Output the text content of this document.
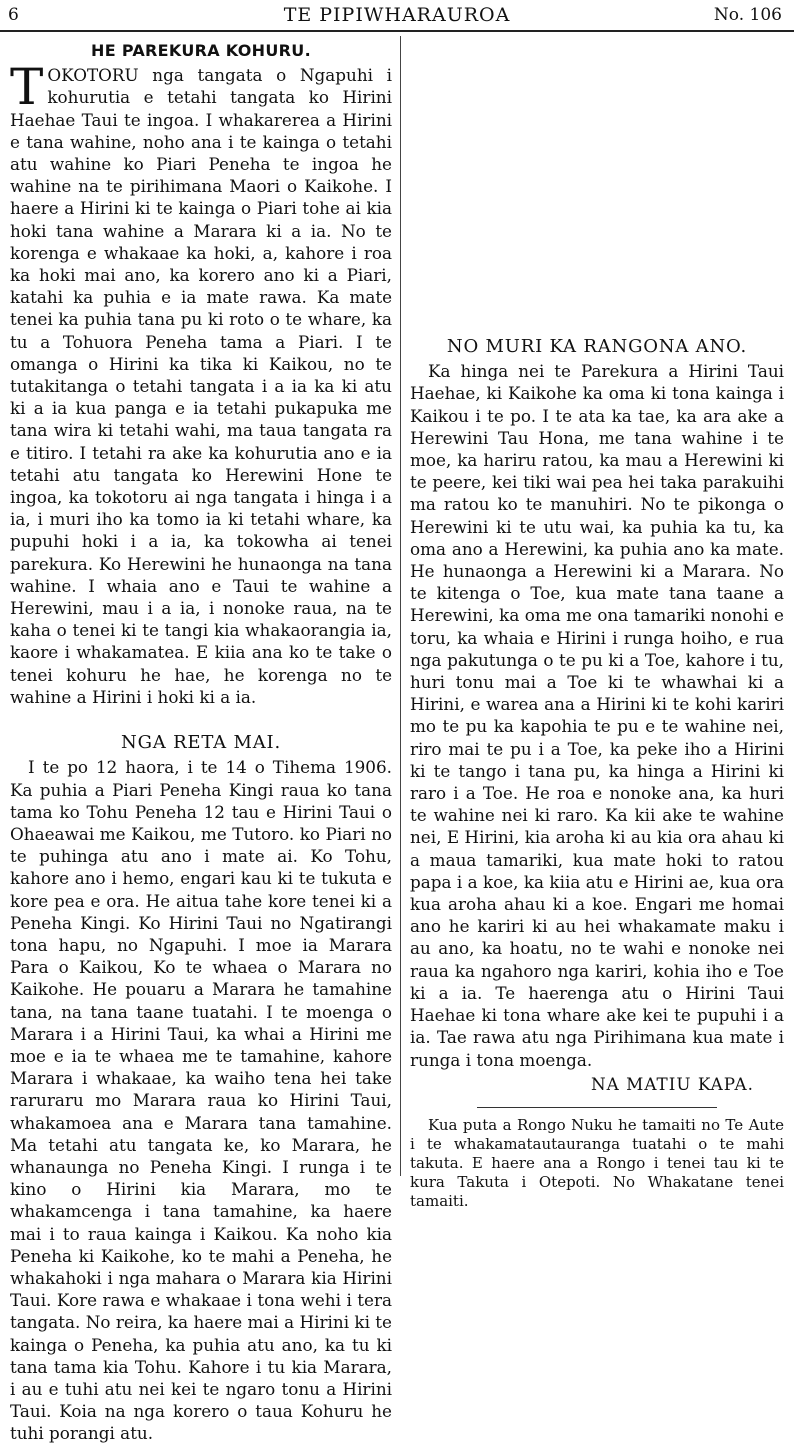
6	TE PIPIWHARAUROA	No. 106
HE PAREKURA KOHURU.

TOKOTORU nga tangata o Ngapuhi i kohurutia e tetahi tangata ko Hirini Haehae Taui te ingoa. I whakarerea a Hirini e tana wahine, noho ana i te kainga o tetahi atu wahine ko Piari Peneha te ingoa he wahine na te pirihimana Maori o Kaikohe. I haere a Hirini ki te kainga o Piari tohe ai kia hoki tana wahine a Marara ki a ia. No te korenga e whakaae ka hoki, a, kahore i roa ka hoki mai ano, ka korero ano ki a Piari, katahi ka puhia e ia mate rawa. Ka mate tenei ka puhia tana pu ki roto o te whare, ka tu a Tohuora Peneha tama a Piari. I te omanga o Hirini ka tika ki Kaikou, no te tutakitanga o tetahi tangata i a ia ka ki atu ki a ia kua panga e ia tetahi pukapuka me tana wira ki tetahi wahi, ma taua tangata ra e titiro. I tetahi ra ake ka kohurutia ano e ia tetahi atu tangata ko Herewini Hone te ingoa, ka tokotoru ai nga tangata i hinga i a ia, i muri iho ka tomo ia ki tetahi whare, ka pupuhi hoki i a ia, ka tokowha ai tenei parekura. Ko Herewini he hunaonga na tana wahine. I whaia ano e Taui te wahine a Herewini, mau i a ia, i nonoke raua, na te kaha o tenei ki te tangi kia whakaorangia ia, kaore i whakamatea. E kiia ana ko te take o tenei kohuru he hae, he korenga no te wahine a Hirini i hoki ki a ia.

NGA RETA MAI.

I te po 12 haora, i te 14 o Tihema 1906. Ka puhia a Piari Peneha Kingi raua ko tana tama ko Tohu Peneha 12 tau e Hirini Taui o Ohaeawai me Kaikou, me Tutoro. ko Piari no te puhinga atu ano i mate ai. Ko Tohu, kahore ano i hemo, engari kau ki te tukuta e kore pea e ora. He aitua tahe kore tenei ki a Peneha Kingi. Ko Hirini Taui no Ngatirangi tona hapu, no Ngapuhi. I moe ia Marara Para o Kaikou, Ko te whaea o Marara no Kaikohe. He pouaru a Marara he tamahine tana, na tana taane tuatahi. I te moenga o Marara i a Hirini Taui, ka whai a Hirini me moe e ia te whaea me te tamahine, kahore Marara i whakaae, ka waiho tena hei take raruraru mo Marara raua ko Hirini Taui, whakamoea ana e Marara tana tamahine. Ma tetahi atu tangata ke, ko Marara, he whanaunga no Peneha Kingi. I runga i te kino o Hirini kia Marara, mo te whakamcenga i tana tamahine, ka haere mai i to raua kainga i Kaikou. Ka noho kia Peneha ki Kaikohe, ko te mahi a Peneha, he whakahoki i nga mahara o Marara kia Hirini Taui. Kore rawa e whakaae i tona wehi i tera tangata. No reira, ka haere mai a Hirini ki te kainga o Peneha, ka puhia atu ano, ka tu ki tana tama kia Tohu. Kahore i tu kia Marara, i au e tuhi atu nei kei te ngaro tonu a Hirini Taui. Koia na nga korero o taua Kohuru he tuhi porangi atu.

NO MURI KA RANGONA ANO.

Ka hinga nei te Parekura a Hirini Taui Haehae, ki Kaikohe ka oma ki tona kainga i Kaikou i te po. I te ata ka tae, ka ara ake a Herewini Tau Hona, me tana wahine i te moe, ka hariru ratou, ka mau a Herewini ki te peere, kei tiki wai pea hei taka parakuihi ma ratou ko te manuhiri. No te pikonga o Herewini ki te utu wai, ka puhia ka tu, ka oma ano a Herewini, ka puhia ano ka mate. He hunaonga a Herewini ki a Marara. No te kitenga o Toe, kua mate tana taane a Herewini, ka oma me ona tamariki nonohi e toru, ka whaia e Hirini i runga hoiho, e rua nga pakutunga o te pu ki a Toe, kahore i tu, huri tonu mai a Toe ki te whawhai ki a Hirini, e warea ana a Hirini ki te kohi kariri mo te pu ka kapohia te pu e te wahine nei, riro mai te pu i a Toe, ka peke iho a Hirini ki te tango i tana pu, ka hinga a Hirini ki raro i a Toe. He roa e nonoke ana, ka huri te wahine nei ki raro. Ka kii ake te wahine nei, E Hirini, kia aroha ki au kia ora ahau ki a maua tamariki, kua mate hoki to ratou papa i a koe, ka kiia atu e Hirini ae, kua ora kua aroha ahau ki a koe. Engari me homai ano he kariri ki au hei whakamate maku i au ano, ka hoatu, no te wahi e nonoke nei raua ka ngahoro nga kariri, kohia iho e Toe ki a ia. Te haerenga atu o Hirini Taui Haehae ki tona whare ake kei te pupuhi i a ia. Tae rawa atu nga Pirihimana kua mate i runga i tona moenga.

NA MATIU KAPA.

Kua puta a Rongo Nuku he tamaiti no Te Aute i te whakamatautauranga tuatahi o te mahi takuta. E haere ana a Rongo i tenei tau ki te kura Takuta i Otepoti. No Whakatane tenei tamaiti.
